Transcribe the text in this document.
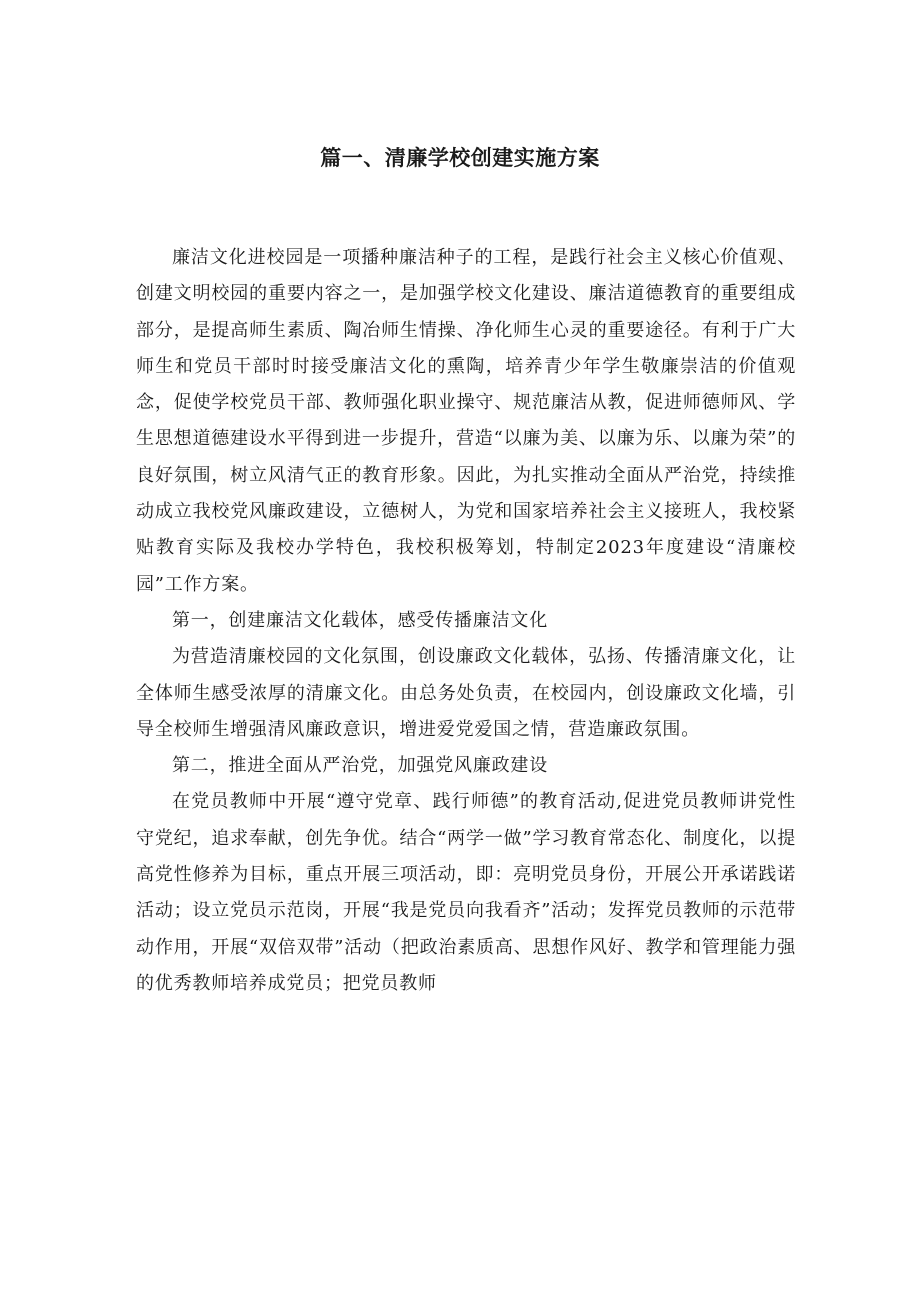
篇一、清廉学校创建实施方案

廉洁文化进校园是一项播种廉洁种子的工程，是践行社会主义核心价值观、创建文明校园的重要内容之一，是加强学校文化建设、廉洁道德教育的重要组成部分，是提高师生素质、陶冶师生情操、净化师生心灵的重要途径。有利于广大师生和党员干部时时接受廉洁文化的熏陶，培养青少年学生敬廉崇洁的价值观念，促使学校党员干部、教师强化职业操守、规范廉洁从教，促进师德师风、学生思想道德建设水平得到进一步提升，营造“以廉为美、以廉为乐、以廉为荣”的良好氛围，树立风清气正的教育形象。因此，为扎实推动全面从严治党，持续推动成立我校党风廉政建设，立德树人，为党和国家培养社会主义接班人，我校紧贴教育实际及我校办学特色，我校积极筹划，特制定2023年度建设“清廉校园”工作方案。

第一，创建廉洁文化载体，感受传播廉洁文化

为营造清廉校园的文化氛围，创设廉政文化载体，弘扬、传播清廉文化，让全体师生感受浓厚的清廉文化。由总务处负责，在校园内，创设廉政文化墙，引导全校师生增强清风廉政意识，增进爱党爱国之情，营造廉政氛围。

第二，推进全面从严治党，加强党风廉政建设

在党员教师中开展“遵守党章、践行师德”的教育活动,促进党员教师讲党性守党纪，追求奉献，创先争优。结合“两学一做”学习教育常态化、制度化，以提高党性修养为目标，重点开展三项活动，即：亮明党员身份，开展公开承诺践诺活动；设立党员示范岗，开展“我是党员向我看齐”活动；发挥党员教师的示范带动作用，开展“双倍双带”活动（把政治素质高、思想作风好、教学和管理能力强的优秀教师培养成党员；把党员教师
